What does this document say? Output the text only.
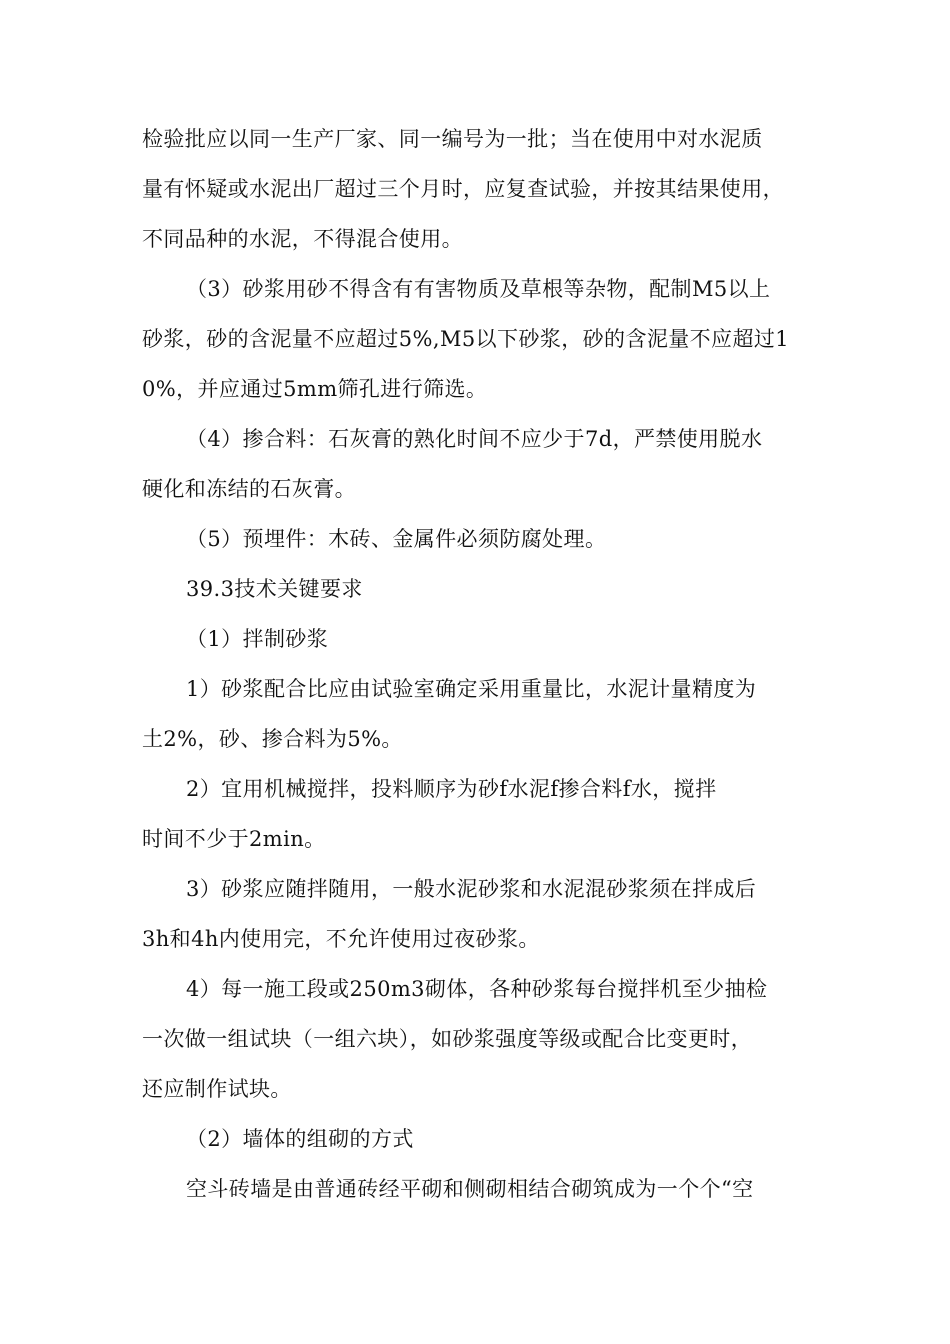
检验批应以同一生产厂家、同一编号为一批；当在使用中对水泥质

量有怀疑或水泥出厂超过三个月时，应复查试验，并按其结果使用，

不同品种的水泥，不得混合使用。

（3）砂浆用砂不得含有有害物质及草根等杂物，配制M5以上

砂浆，砂的含泥量不应超过5%,M5以下砂浆，砂的含泥量不应超过1

0%，并应通过5mm筛孔进行筛选。

（4）掺合料：石灰膏的熟化时间不应少于7d，严禁使用脱水

硬化和冻结的石灰膏。

（5）预埋件：木砖、金属件必须防腐处理。

39.3技术关键要求

（1）拌制砂浆

1）砂浆配合比应由试验室确定采用重量比，水泥计量精度为

土2%，砂、掺合料为5%。

2）宜用机械搅拌，投料顺序为砂f水泥f掺合料f水，搅拌

时间不少于2min。

3）砂浆应随拌随用，一般水泥砂浆和水泥混砂浆须在拌成后

3h和4h内使用完，不允许使用过夜砂浆。

4）每一施工段或250m3砌体，各种砂浆每台搅拌机至少抽检

一次做一组试块（一组六块），如砂浆强度等级或配合比变更时，

还应制作试块。

（2）墙体的组砌的方式

空斗砖墙是由普通砖经平砌和侧砌相结合砌筑成为一个个“空
